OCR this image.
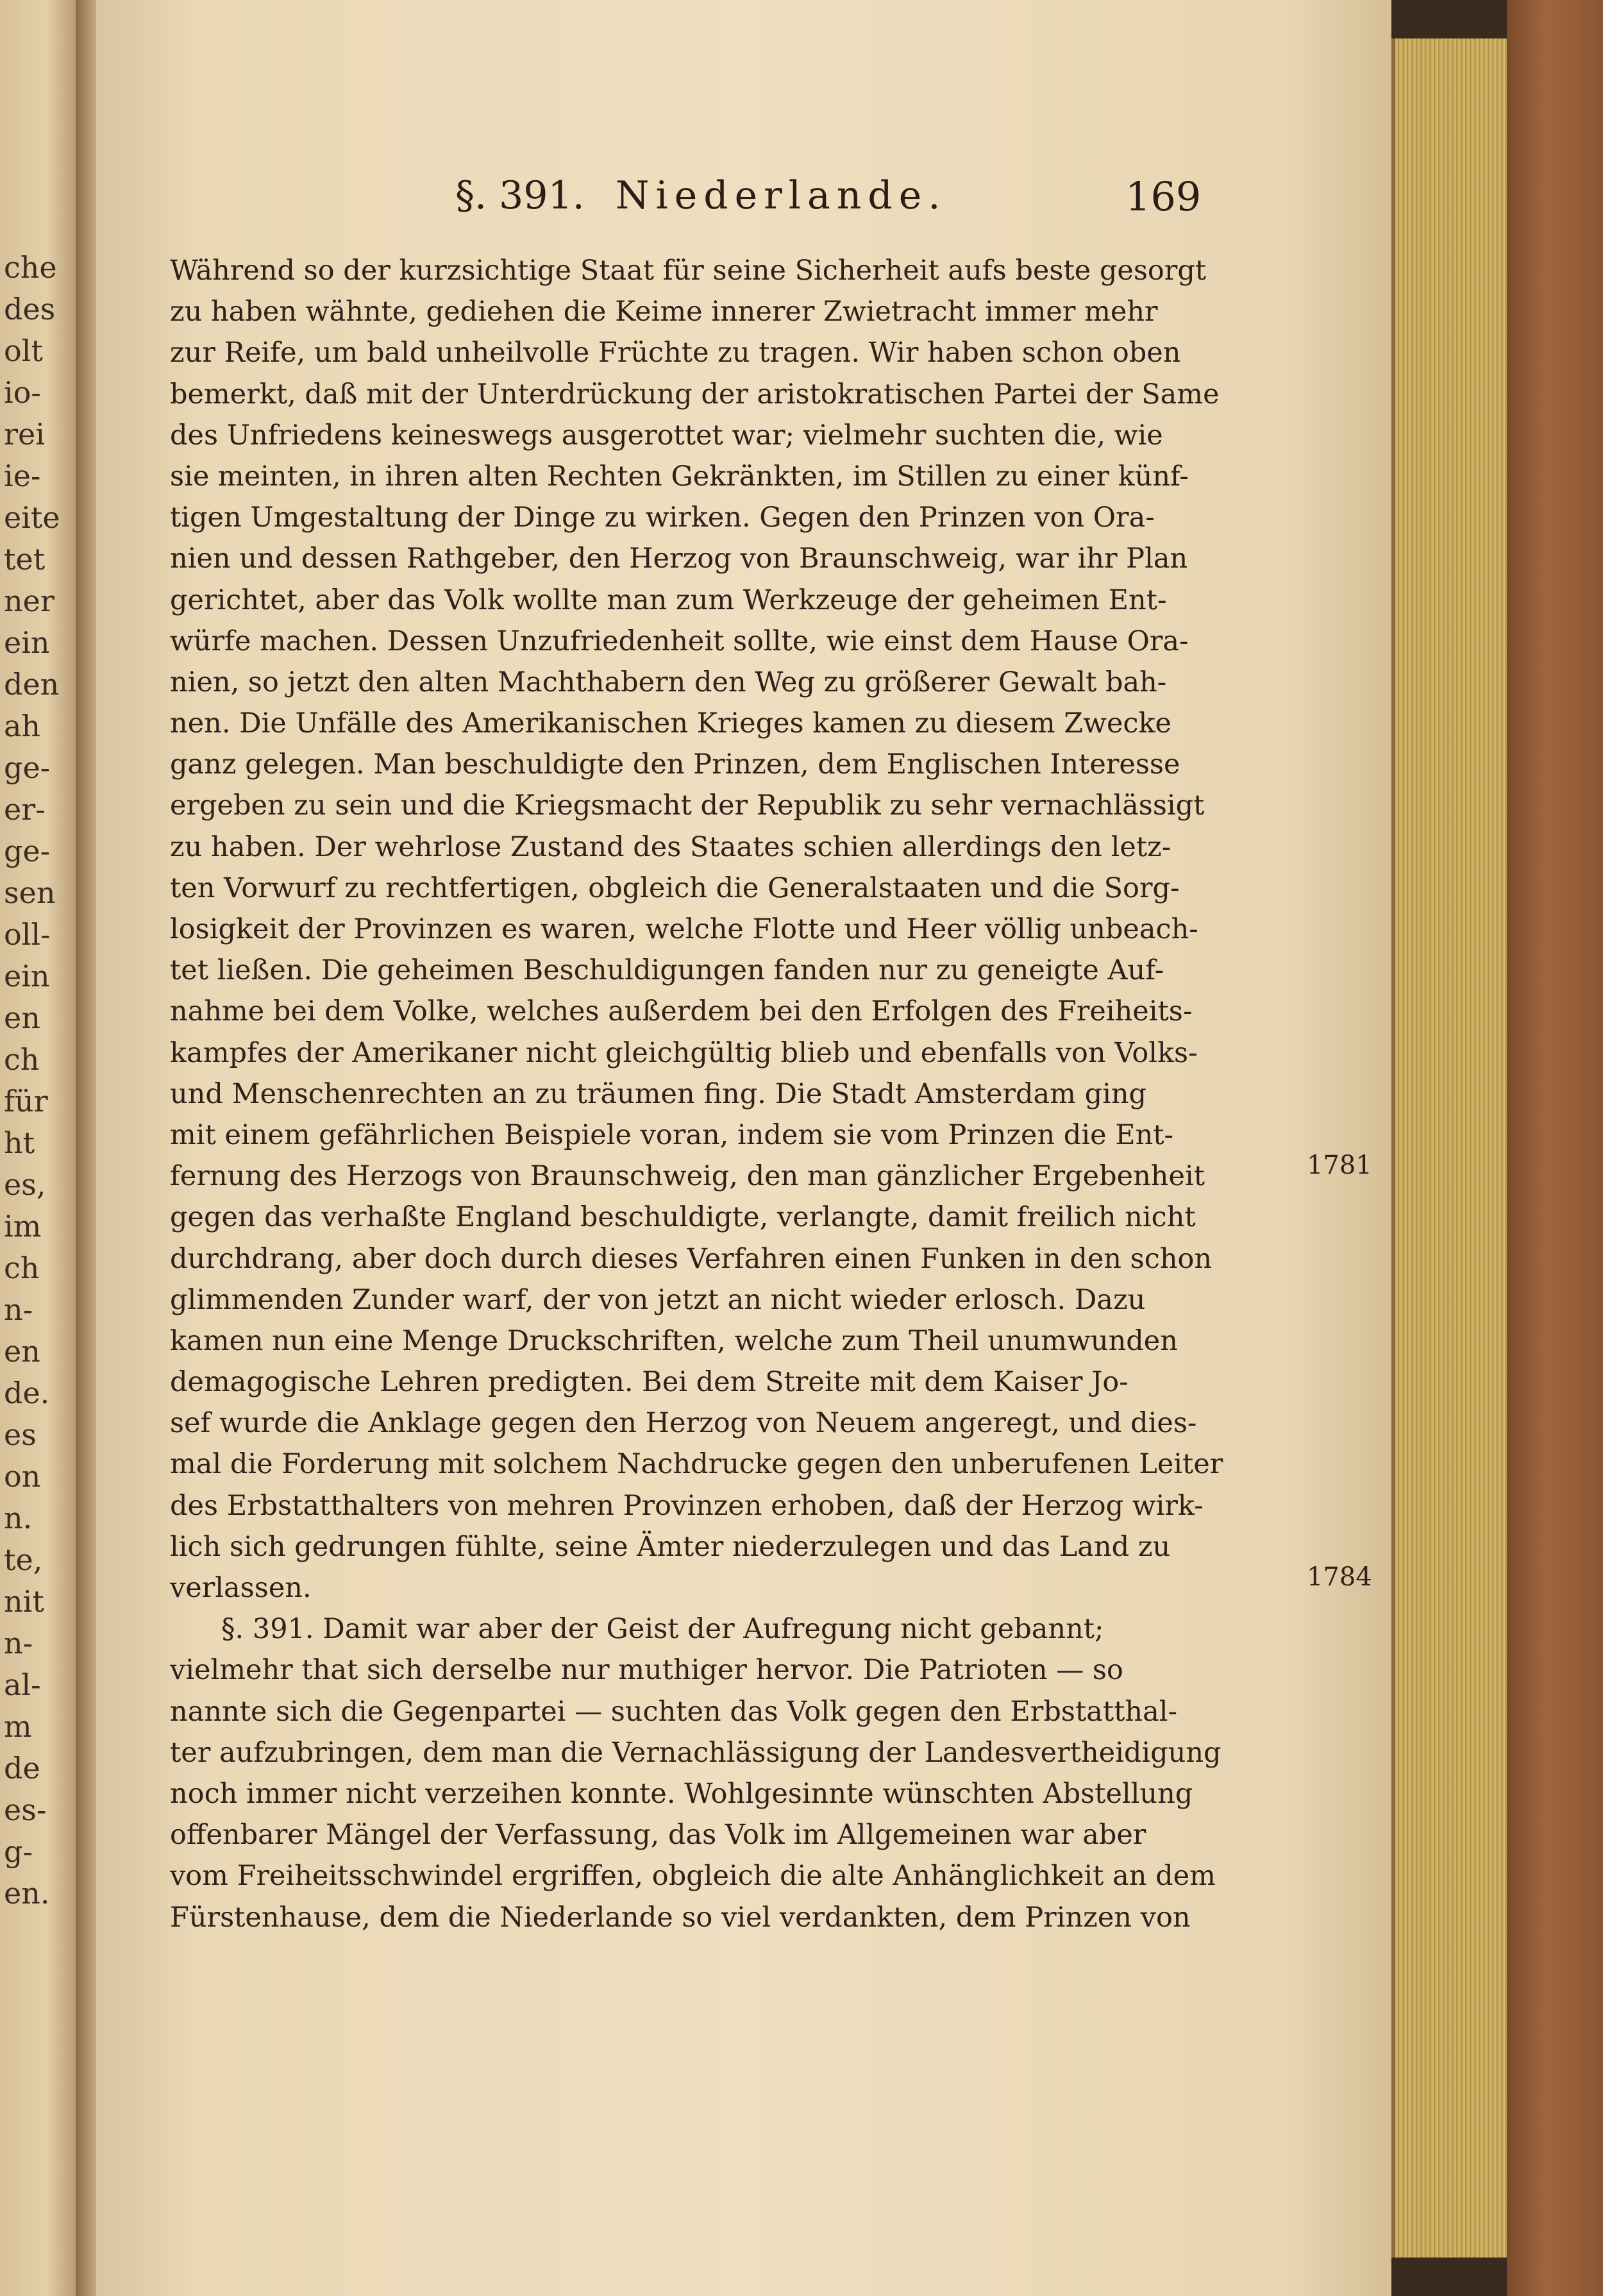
che
des
olt
io-
rei
ie-
eite
tet
ner
ein
den
ah
ge-
er-
ge-
sen
oll-
ein
en
ch
für
ht
es,
im
ch
n-
en
de.
es
on
n.
te,
nit
n-
al-
m
de
es-
g-
en.
§. 391. Niederlande.	169
Während so der kurzsichtige Staat für seine Sicherheit aufs beste gesorgt
zu haben wähnte, gediehen die Keime innerer Zwietracht immer mehr
zur Reife, um bald unheilvolle Früchte zu tragen. Wir haben schon oben
bemerkt, daß mit der Unterdrückung der aristokratischen Partei der Same
des Unfriedens keineswegs ausgerottet war; vielmehr suchten die, wie
sie meinten, in ihren alten Rechten Gekränkten, im Stillen zu einer künf-
tigen Umgestaltung der Dinge zu wirken. Gegen den Prinzen von Ora-
nien und dessen Rathgeber, den Herzog von Braunschweig, war ihr Plan
gerichtet, aber das Volk wollte man zum Werkzeuge der geheimen Ent-
würfe machen. Dessen Unzufriedenheit sollte, wie einst dem Hause Ora-
nien, so jetzt den alten Machthabern den Weg zu größerer Gewalt bah-
nen. Die Unfälle des Amerikanischen Krieges kamen zu diesem Zwecke
ganz gelegen. Man beschuldigte den Prinzen, dem Englischen Interesse
ergeben zu sein und die Kriegsmacht der Republik zu sehr vernachlässigt
zu haben. Der wehrlose Zustand des Staates schien allerdings den letz-
ten Vorwurf zu rechtfertigen, obgleich die Generalstaaten und die Sorg-
losigkeit der Provinzen es waren, welche Flotte und Heer völlig unbeach-
tet ließen. Die geheimen Beschuldigungen fanden nur zu geneigte Auf-
nahme bei dem Volke, welches außerdem bei den Erfolgen des Freiheits-
kampfes der Amerikaner nicht gleichgültig blieb und ebenfalls von Volks-
und Menschenrechten an zu träumen fing. Die Stadt Amsterdam ging
mit einem gefährlichen Beispiele voran, indem sie vom Prinzen die Ent-
fernung des Herzogs von Braunschweig, den man gänzlicher Ergebenheit
gegen das verhaßte England beschuldigte, verlangte, damit freilich nicht
durchdrang, aber doch durch dieses Verfahren einen Funken in den schon
glimmenden Zunder warf, der von jetzt an nicht wieder erlosch. Dazu
kamen nun eine Menge Druckschriften, welche zum Theil unumwunden
demagogische Lehren predigten. Bei dem Streite mit dem Kaiser Jo-
sef wurde die Anklage gegen den Herzog von Neuem angeregt, und dies-
mal die Forderung mit solchem Nachdrucke gegen den unberufenen Leiter
des Erbstatthalters von mehren Provinzen erhoben, daß der Herzog wirk-
lich sich gedrungen fühlte, seine Ämter niederzulegen und das Land zu
verlassen.
§. 391. Damit war aber der Geist der Aufregung nicht gebannt;
vielmehr that sich derselbe nur muthiger hervor. Die Patrioten — so
nannte sich die Gegenpartei — suchten das Volk gegen den Erbstatthal-
ter aufzubringen, dem man die Vernachlässigung der Landesvertheidigung
noch immer nicht verzeihen konnte. Wohlgesinnte wünschten Abstellung
offenbarer Mängel der Verfassung, das Volk im Allgemeinen war aber
vom Freiheitsschwindel ergriffen, obgleich die alte Anhänglichkeit an dem
Fürstenhause, dem die Niederlande so viel verdankten, dem Prinzen von
1781
1784
